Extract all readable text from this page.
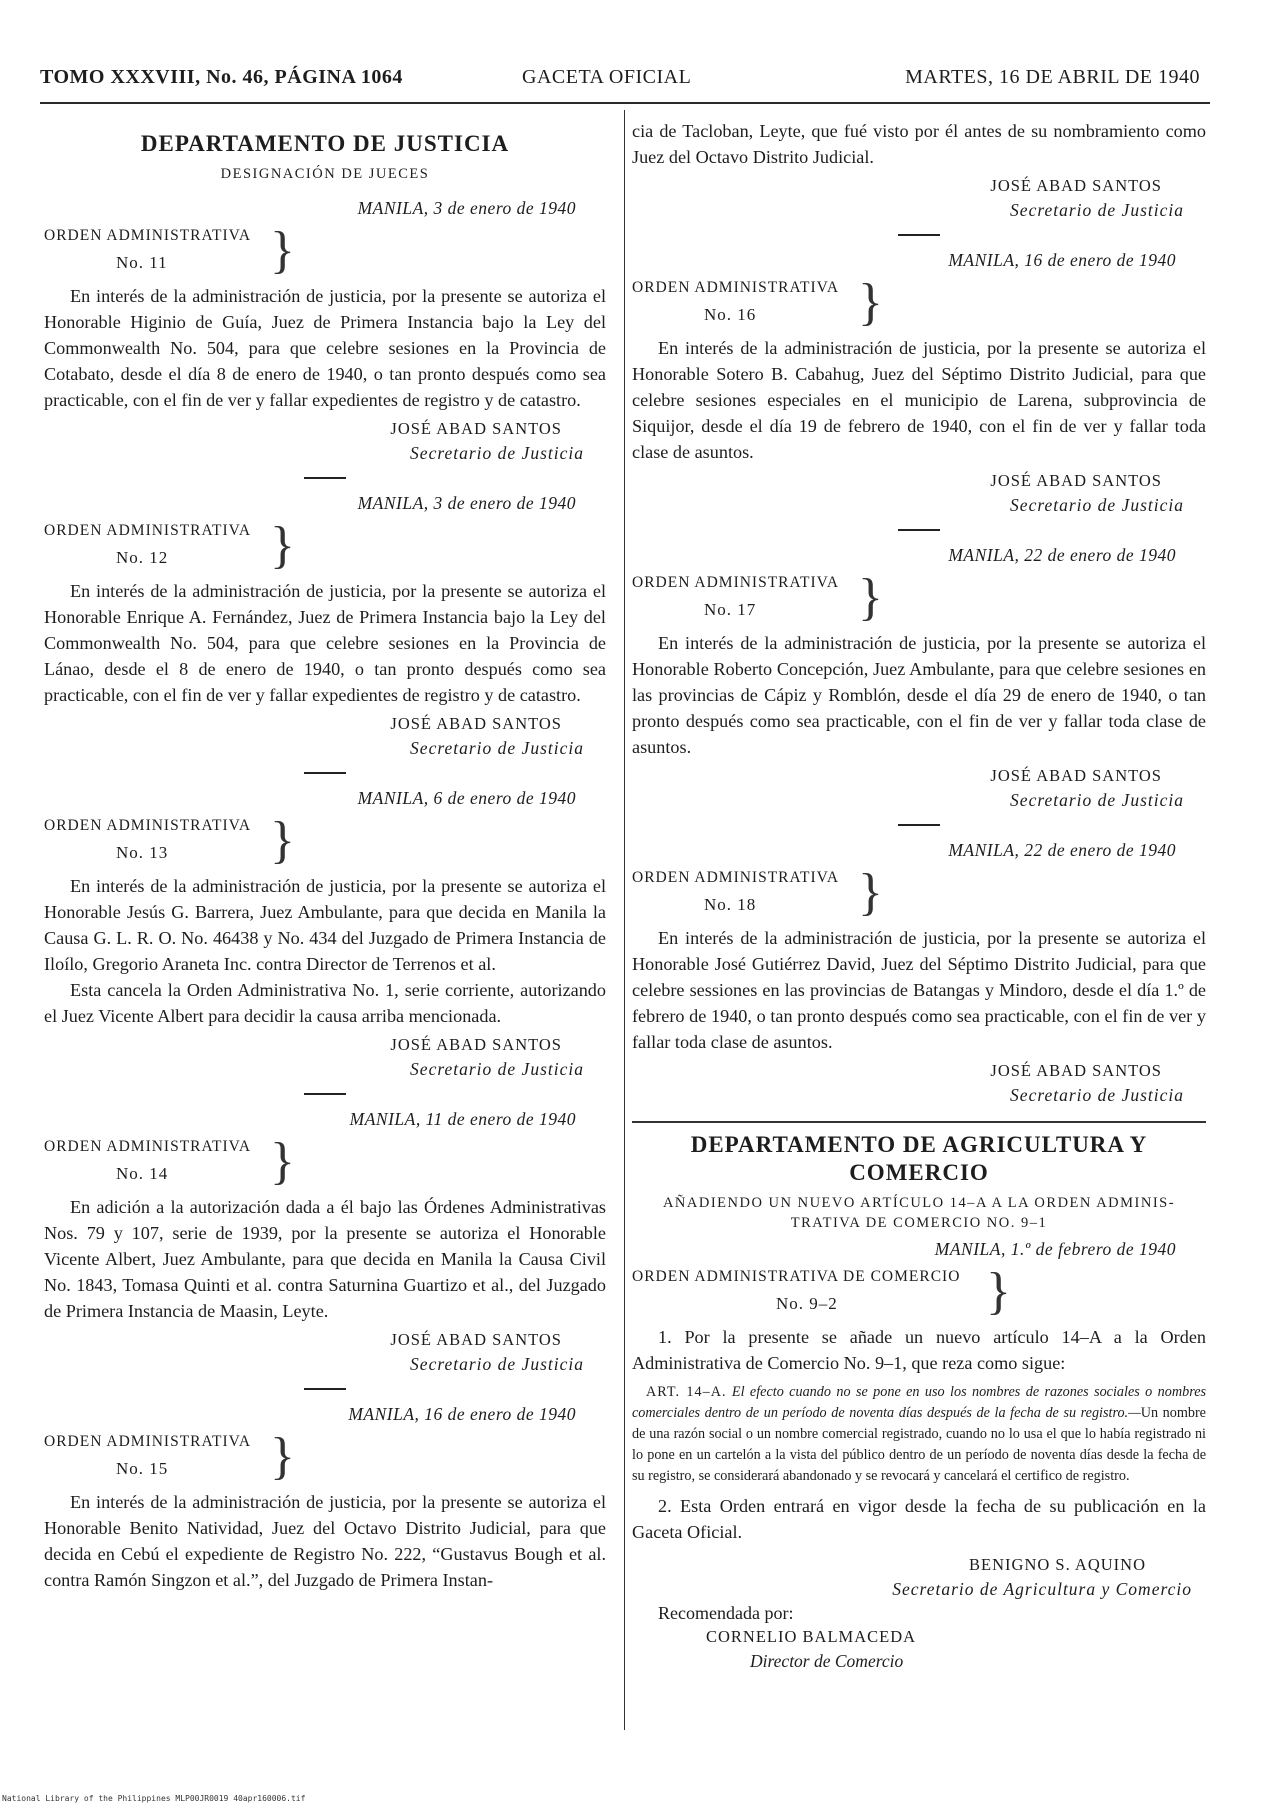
TOMO XXXVIII, No. 46, PÁGINA 1064	GACETA OFICIAL	MARTES, 16 DE ABRIL DE 1940
DEPARTAMENTO DE JUSTICIA
DESIGNACIÓN DE JUECES
MANILA, 3 de enero de 1940
ORDEN ADMINISTRATIVA
No. 11 }

En interés de la administración de justicia, por la presente se autoriza el Honorable Higinio de Guía, Juez de Primera Instancia bajo la Ley del Commonwealth No. 504, para que celebre sesiones en la Provincia de Cotabato, desde el día 8 de enero de 1940, o tan pronto después como sea practicable, con el fin de ver y fallar expedientes de registro y de catastro.

JOSÉ ABAD SANTOS
Secretario de Justicia
MANILA, 3 de enero de 1940
ORDEN ADMINISTRATIVA
No. 12 }

En interés de la administración de justicia, por la presente se autoriza el Honorable Enrique A. Fernández, Juez de Primera Instancia bajo la Ley del Commonwealth No. 504, para que celebre sesiones en la Provincia de Lánao, desde el 8 de enero de 1940, o tan pronto después como sea practicable, con el fin de ver y fallar expedientes de registro y de catastro.

JOSÉ ABAD SANTOS
Secretario de Justicia
MANILA, 6 de enero de 1940
ORDEN ADMINISTRATIVA
No. 13 }

En interés de la administración de justicia, por la presente se autoriza el Honorable Jesús G. Barrera, Juez Ambulante, para que decida en Manila la Causa G. L. R. O. No. 46438 y No. 434 del Juzgado de Primera Instancia de Iloílo, Gregorio Araneta Inc. contra Director de Terrenos et al.

Esta cancela la Orden Administrativa No. 1, serie corriente, autorizando el Juez Vicente Albert para decidir la causa arriba mencionada.

JOSÉ ABAD SANTOS
Secretario de Justicia
MANILA, 11 de enero de 1940
ORDEN ADMINISTRATIVA
No. 14 }

En adición a la autorización dada a él bajo las Órdenes Administrativas Nos. 79 y 107, serie de 1939, por la presente se autoriza el Honorable Vicente Albert, Juez Ambulante, para que decida en Manila la Causa Civil No. 1843, Tomasa Quinti et al. contra Saturnina Guartizo et al., del Juzgado de Primera Instancia de Maasin, Leyte.

JOSÉ ABAD SANTOS
Secretario de Justicia
MANILA, 16 de enero de 1940
ORDEN ADMINISTRATIVA
No. 15 }

En interés de la administración de justicia, por la presente se autoriza el Honorable Benito Natividad, Juez del Octavo Distrito Judicial, para que decida en Cebú el expediente de Registro No. 222, “Gustavus Bough et al. contra Ramón Singzon et al.”, del Juzgado de Primera Instan-

cia de Tacloban, Leyte, que fué visto por él antes de su nombramiento como Juez del Octavo Distrito Judicial.

JOSÉ ABAD SANTOS
Secretario de Justicia
MANILA, 16 de enero de 1940
ORDEN ADMINISTRATIVA
No. 16 }

En interés de la administración de justicia, por la presente se autoriza el Honorable Sotero B. Cabahug, Juez del Séptimo Distrito Judicial, para que celebre sesiones especiales en el municipio de Larena, subprovincia de Siquijor, desde el día 19 de febrero de 1940, con el fin de ver y fallar toda clase de asuntos.

JOSÉ ABAD SANTOS
Secretario de Justicia
MANILA, 22 de enero de 1940
ORDEN ADMINISTRATIVA
No. 17 }

En interés de la administración de justicia, por la presente se autoriza el Honorable Roberto Concepción, Juez Ambulante, para que celebre sesiones en las provincias de Cápiz y Romblón, desde el día 29 de enero de 1940, o tan pronto después como sea practicable, con el fin de ver y fallar toda clase de asuntos.

JOSÉ ABAD SANTOS
Secretario de Justicia
MANILA, 22 de enero de 1940
ORDEN ADMINISTRATIVA
No. 18 }

En interés de la administración de justicia, por la presente se autoriza el Honorable José Gutiérrez David, Juez del Séptimo Distrito Judicial, para que celebre sessiones en las provincias de Batangas y Mindoro, desde el día 1.º de febrero de 1940, o tan pronto después como sea practicable, con el fin de ver y fallar toda clase de asuntos.

JOSÉ ABAD SANTOS
Secretario de Justicia
DEPARTAMENTO DE AGRICULTURA Y
COMERCIO
AÑADIENDO UN NUEVO ARTÍCULO 14–A A LA ORDEN ADMINIS-
TRATIVA DE COMERCIO NO. 9–1
MANILA, 1.º de febrero de 1940
ORDEN ADMINISTRATIVA DE COMERCIO
No. 9–2	}

1. Por la presente se añade un nuevo artículo 14–A a la Orden Administrativa de Comercio No. 9–1, que reza como sigue:

ART. 14–A. El efecto cuando no se pone en uso los nombres de razones sociales o nombres comerciales dentro de un período de noventa días después de la fecha de su registro.—Un nombre de una razón social o un nombre comercial registrado, cuando no lo usa el que lo había registrado ni lo pone en un cartelón a la vista del público dentro de un período de noventa días desde la fecha de su registro, se considerará abandonado y se revocará y cancelará el certifico de registro.

2. Esta Orden entrará en vigor desde la fecha de su publicación en la Gaceta Oficial.

BENIGNO S. AQUINO
Secretario de Agricultura y Comercio
Recomendada por:
CORNELIO BALMACEDA
Director de Comercio
National Library of the Philippines MLP00JR0019 40apr160006.tif
